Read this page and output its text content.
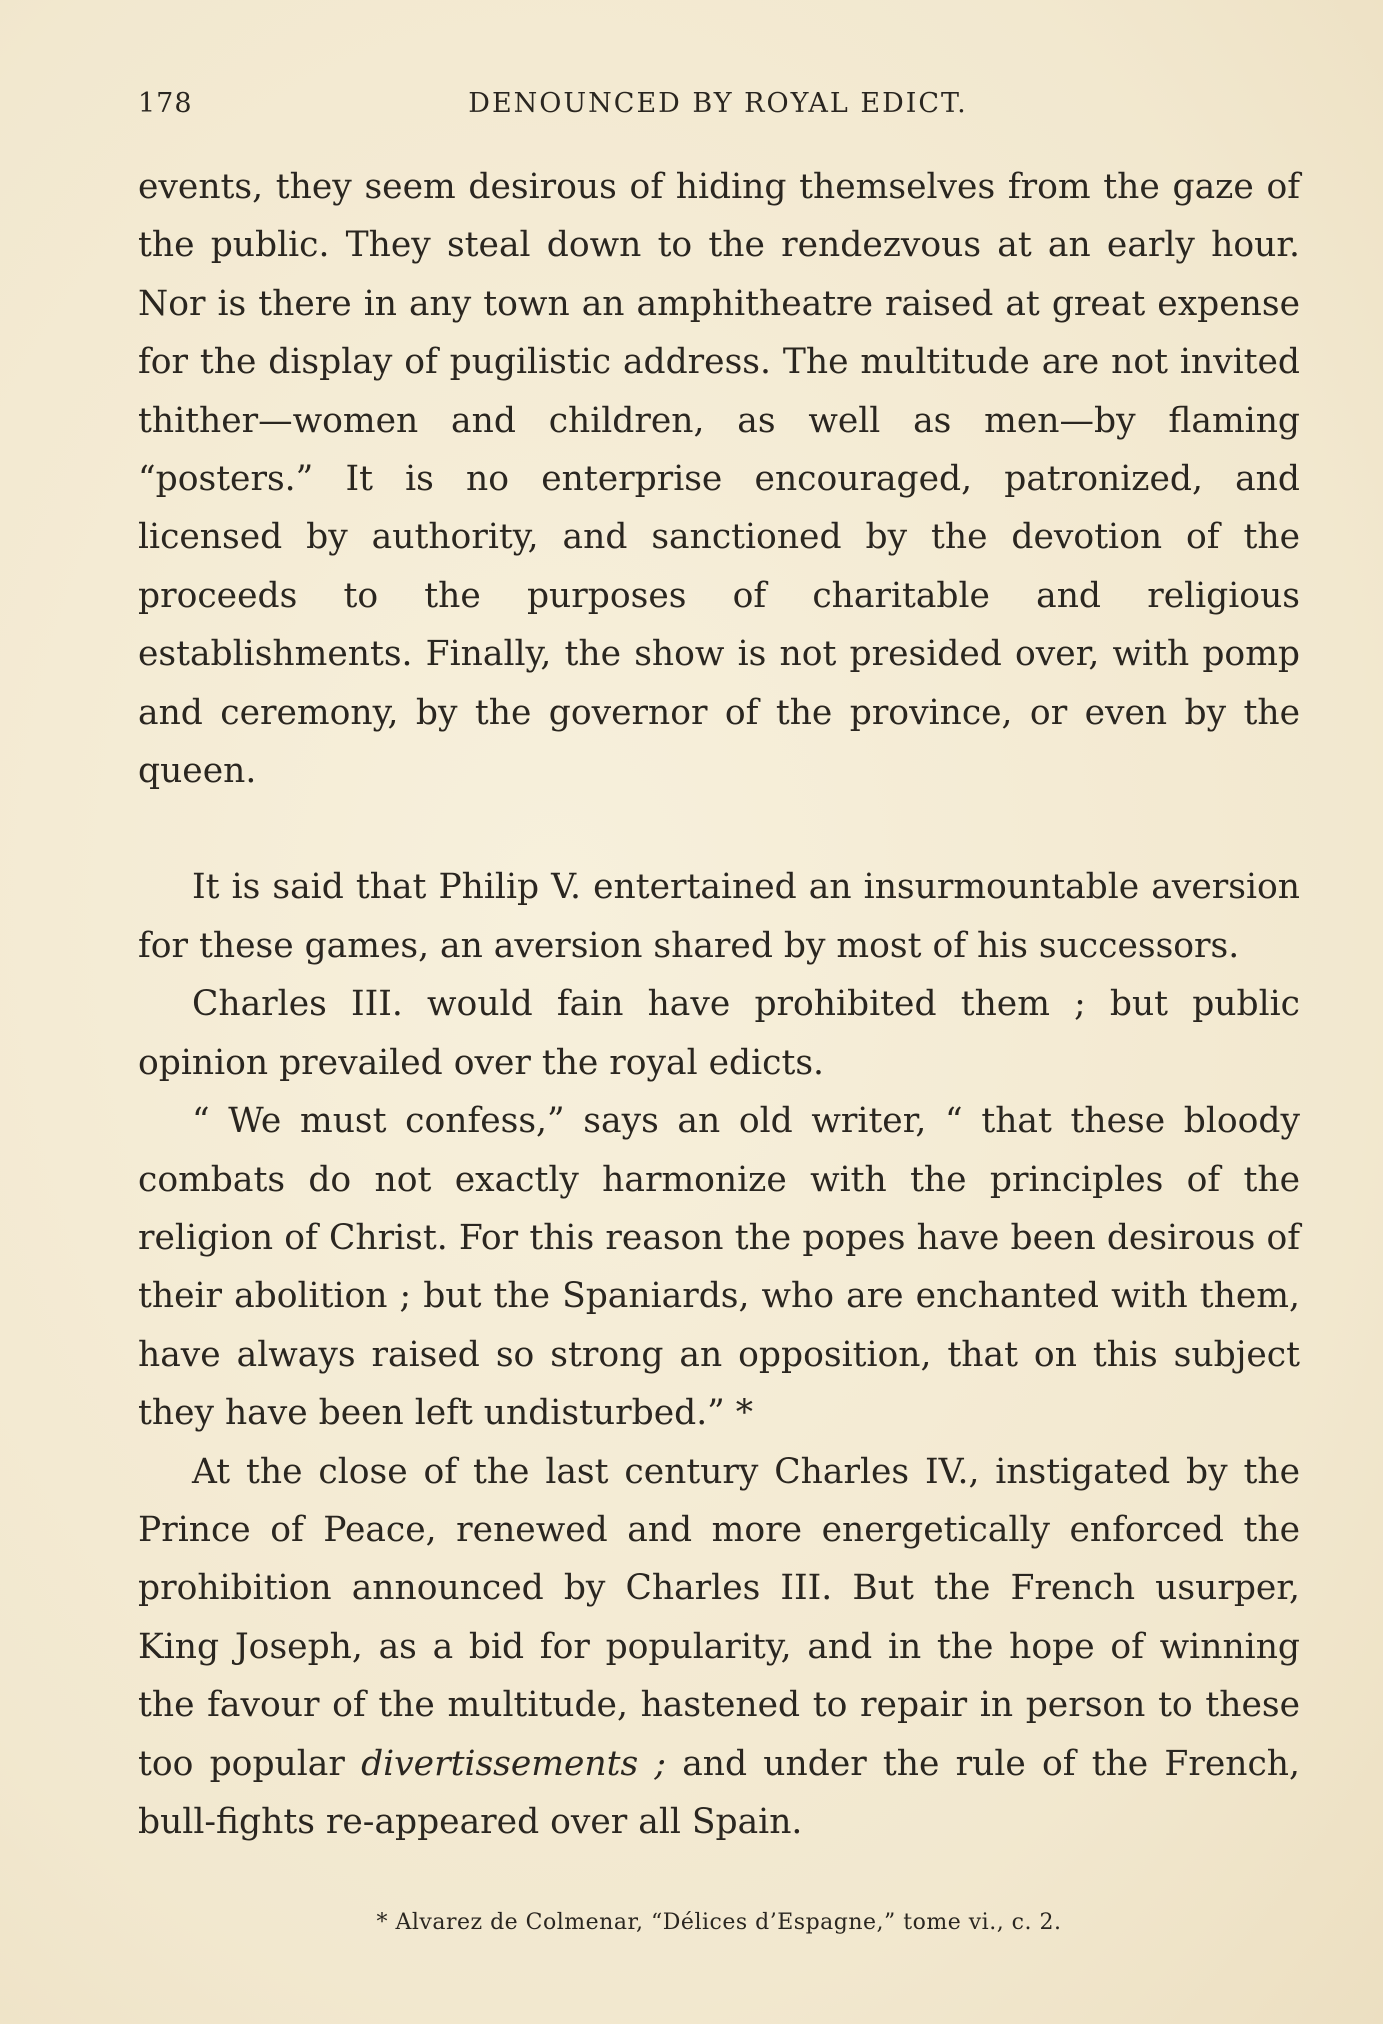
178	DENOUNCED BY ROYAL EDICT.

events, they seem desirous of hiding themselves from the gaze of the public. They steal down to the rendezvous at an early hour. Nor is there in any town an amphitheatre raised at great expense for the display of pugilistic address. The multitude are not invited thither—women and children, as well as men—by flaming “posters.” It is no enterprise encouraged, patronized, and licensed by authority, and sanctioned by the devotion of the proceeds to the purposes of charitable and religious establishments. Finally, the show is not presided over, with pomp and ceremony, by the governor of the province, or even by the queen.

It is said that Philip V. entertained an insurmountable aversion for these games, an aversion shared by most of his successors.

Charles III. would fain have prohibited them ; but public opinion prevailed over the royal edicts.

“ We must confess,” says an old writer, “ that these bloody combats do not exactly harmonize with the principles of the religion of Christ. For this reason the popes have been desirous of their abolition ; but the Spaniards, who are enchanted with them, have always raised so strong an opposition, that on this subject they have been left undisturbed.” *

At the close of the last century Charles IV., instigated by the Prince of Peace, renewed and more energetically enforced the prohibition announced by Charles III. But the French usurper, King Joseph, as a bid for popularity, and in the hope of winning the favour of the multitude, hastened to repair in person to these too popular divertissements ; and under the rule of the French, bull-fights re-appeared over all Spain.

* Alvarez de Colmenar, “Délices d’Espagne,” tome vi., c. 2.
